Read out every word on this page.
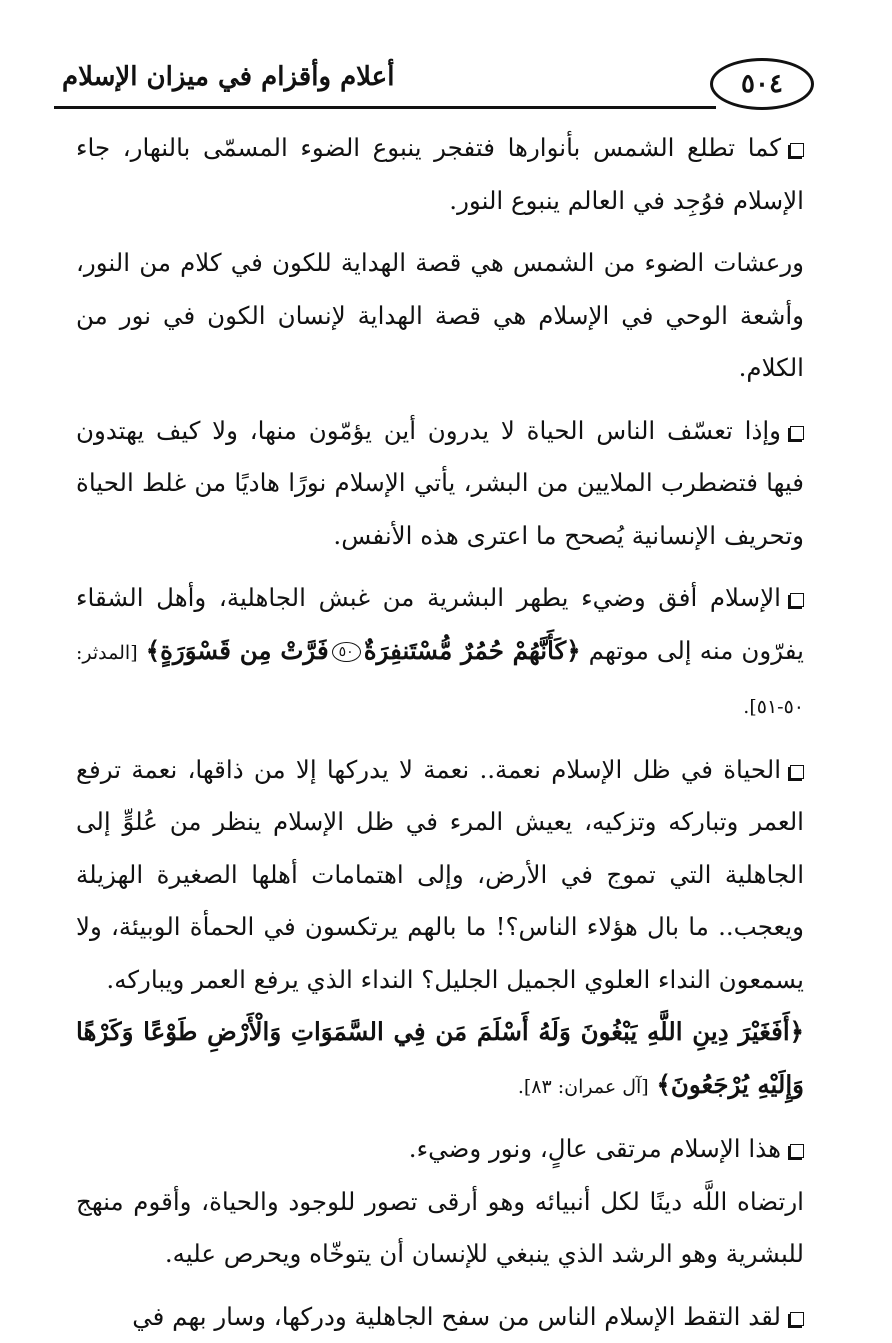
٥٠٤
أعلام وأقزام في ميزان الإسلام

كما تطلع الشمس بأنوارها فتفجر ينبوع الضوء المسمّى بالنهار، جاء الإسلام فوُجِد في العالم ينبوع النور.

ورعشات الضوء من الشمس هي قصة الهداية للكون في كلام من النور، وأشعة الوحي في الإسلام هي قصة الهداية لإنسان الكون في نور من الكلام.

وإذا تعسّف الناس الحياة لا يدرون أين يؤمّون منها، ولا كيف يهتدون فيها فتضطرب الملايين من البشر، يأتي الإسلام نورًا هاديًا من غلط الحياة وتحريف الإنسانية يُصحح ما اعترى هذه الأنفس.

الإسلام أفق وضيء يطهر البشرية من غبش الجاهلية، وأهل الشقاء يفرّون منه إلى موتهم ﴿كَأَنَّهُمْ حُمُرٌ مُّسْتَنفِرَةٌ٥٠فَرَّتْ مِن قَسْوَرَةٍ﴾ [المدثر: ٥٠-٥١].

الحياة في ظل الإسلام نعمة.. نعمة لا يدركها إلا من ذاقها، نعمة ترفع العمر وتباركه وتزكيه، يعيش المرء في ظل الإسلام ينظر من عُلوٍّ إلى الجاهلية التي تموج في الأرض، وإلى اهتمامات أهلها الصغيرة الهزيلة ويعجب.. ما بال هؤلاء الناس؟! ما بالهم يرتكسون في الحمأة الوبيئة، ولا يسمعون النداء العلوي الجميل الجليل؟ النداء الذي يرفع العمر ويباركه.

﴿أَفَغَيْرَ دِينِ اللَّهِ يَبْغُونَ وَلَهُ أَسْلَمَ مَن فِي السَّمَوَاتِ وَالْأَرْضِ طَوْعًا وَكَرْهًا وَإِلَيْهِ يُرْجَعُونَ﴾ [آل عمران: ٨٣].

هذا الإسلام مرتقى عالٍ، ونور وضيء.

ارتضاه اللَّه دينًا لكل أنبيائه وهو أرقى تصور للوجود والحياة، وأقوم منهج للبشرية وهو الرشد الذي ينبغي للإنسان أن يتوخّاه ويحرص عليه.

لقد التقط الإسلام الناس من سفح الجاهلية ودركها، وسار بهم في
